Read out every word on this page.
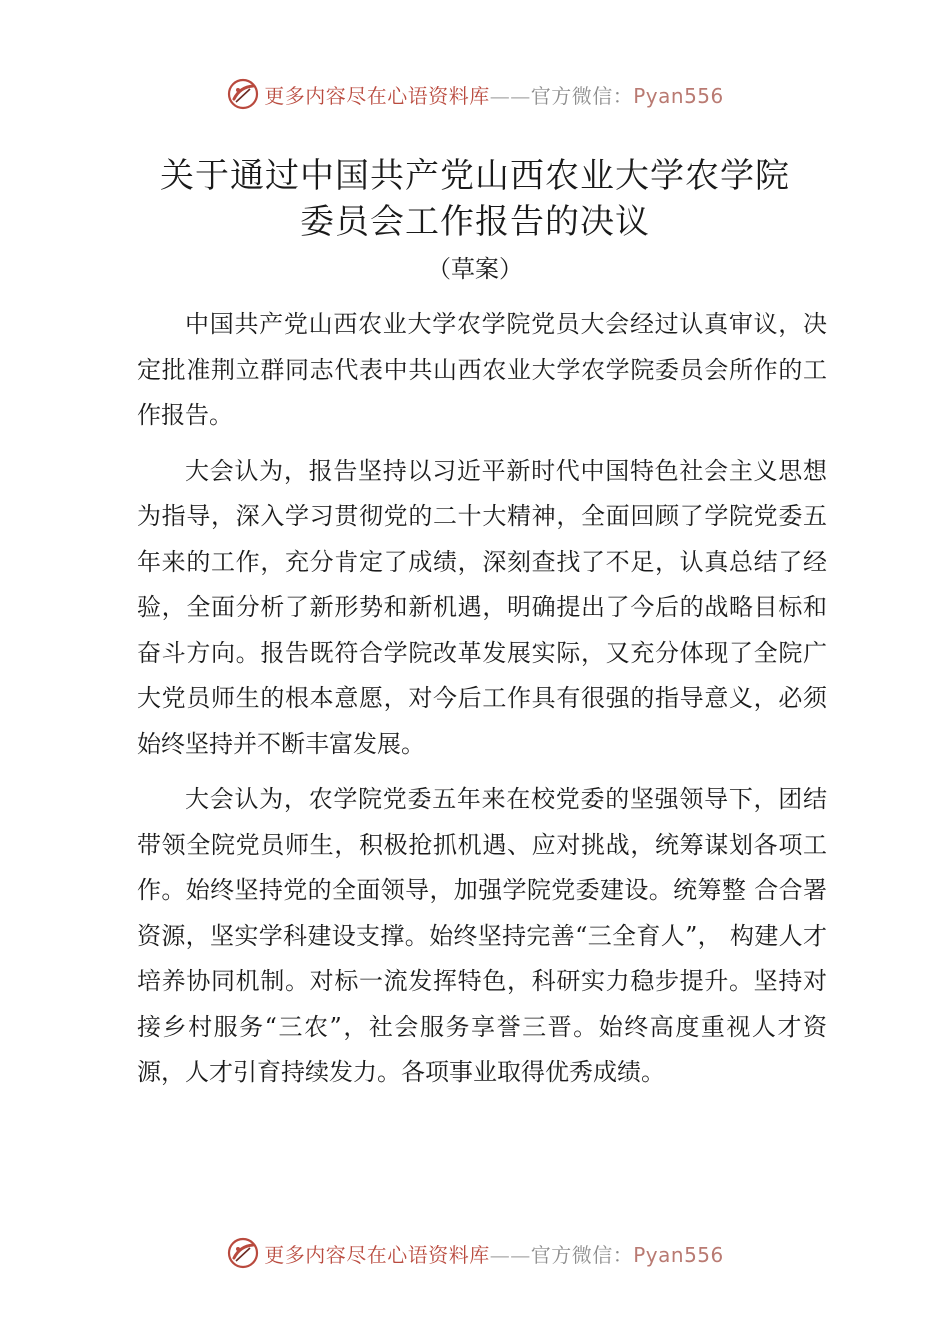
更多内容尽在心语资料库——官方微信：Pyan556
关于通过中国共产党山西农业大学农学院
委员会工作报告的决议
（草案）

中国共产党山西农业大学农学院党员大会经过认真审议，决定批准荆立群同志代表中共山西农业大学农学院委员会所作的工作报告。

大会认为，报告坚持以习近平新时代中国特色社会主义思想为指导，深入学习贯彻党的二十大精神，全面回顾了学院党委五年来的工作，充分肯定了成绩，深刻查找了不足，认真总结了经验，全面分析了新形势和新机遇，明确提出了今后的战略目标和奋斗方向。报告既符合学院改革发展实际，又充分体现了全院广大党员师生的根本意愿，对今后工作具有很强的指导意义，必须始终坚持并不断丰富发展。

大会认为，农学院党委五年来在校党委的坚强领导下，团结带领全院党员师生，积极抢抓机遇、应对挑战，统筹谋划各项工作。始终坚持党的全面领导，加强学院党委建设。统筹整 合合署资源，坚实学科建设支撑。始终坚持完善“三全育人”， 构建人才培养协同机制。对标一流发挥特色，科研实力稳步提升。坚持对接乡村服务“三农”，社会服务享誉三晋。始终高度重视人才资源，人才引育持续发力。各项事业取得优秀成绩。

更多内容尽在心语资料库——官方微信：Pyan556
